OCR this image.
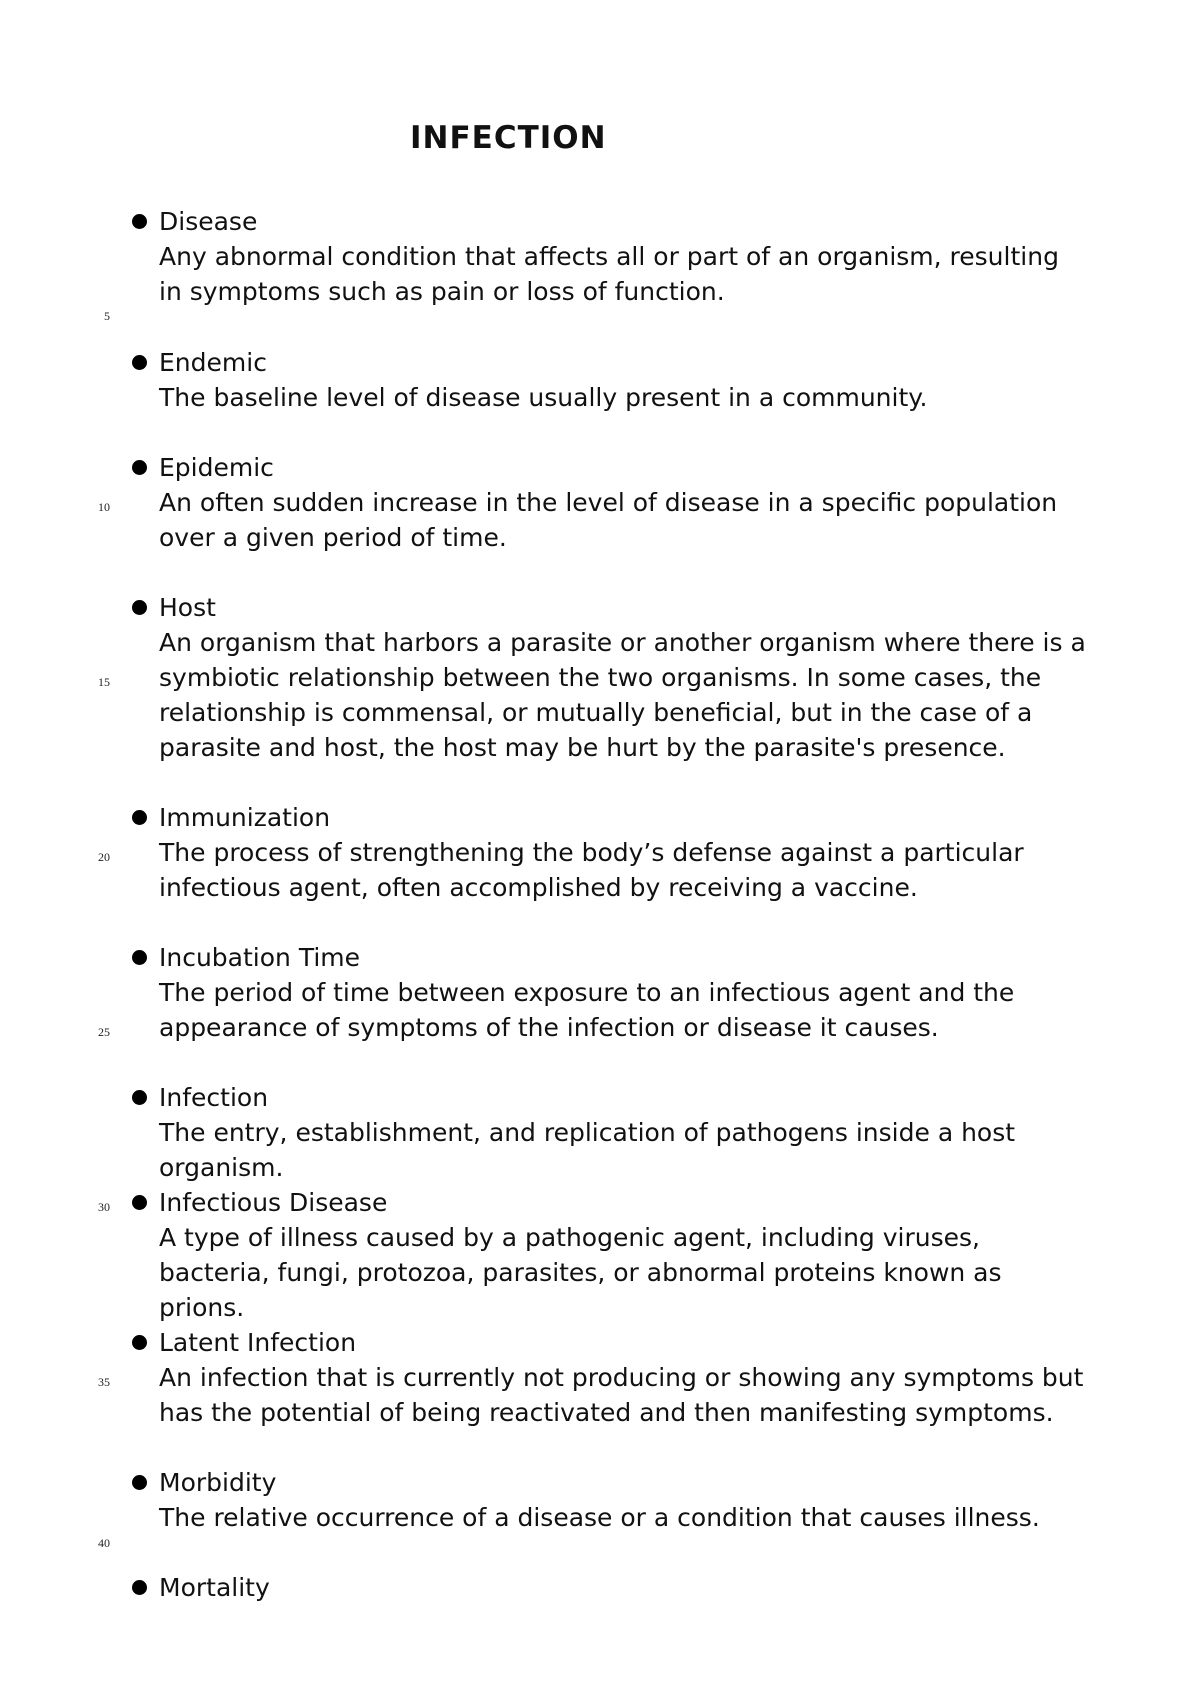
INFECTION
Disease

Any abnormal condition that affects all or part of an organism, resulting in symptoms such as pain or loss of function.

Endemic

The baseline level of disease usually present in a community.

Epidemic

An often sudden increase in the level of disease in a specific population over a given period of time.

Host

An organism that harbors a parasite or another organism where there is a symbiotic relationship between the two organisms. In some cases, the relationship is commensal, or mutually beneficial, but in the case of a parasite and host, the host may be hurt by the parasite's presence.

Immunization

The process of strengthening the body’s defense against a particular infectious agent, often accomplished by receiving a vaccine.

Incubation Time

The period of time between exposure to an infectious agent and the appearance of symptoms of the infection or disease it causes.

Infection

The entry, establishment, and replication of pathogens inside a host organism.

Infectious Disease

A type of illness caused by a pathogenic agent, including viruses, bacteria, fungi, protozoa, parasites, or abnormal proteins known as prions.

Latent Infection

An infection that is currently not producing or showing any symptoms but has the potential of being reactivated and then manifesting symptoms.

Morbidity

The relative occurrence of a disease or a condition that causes illness.

Mortality
5
10
15
20
25
30
35
40
